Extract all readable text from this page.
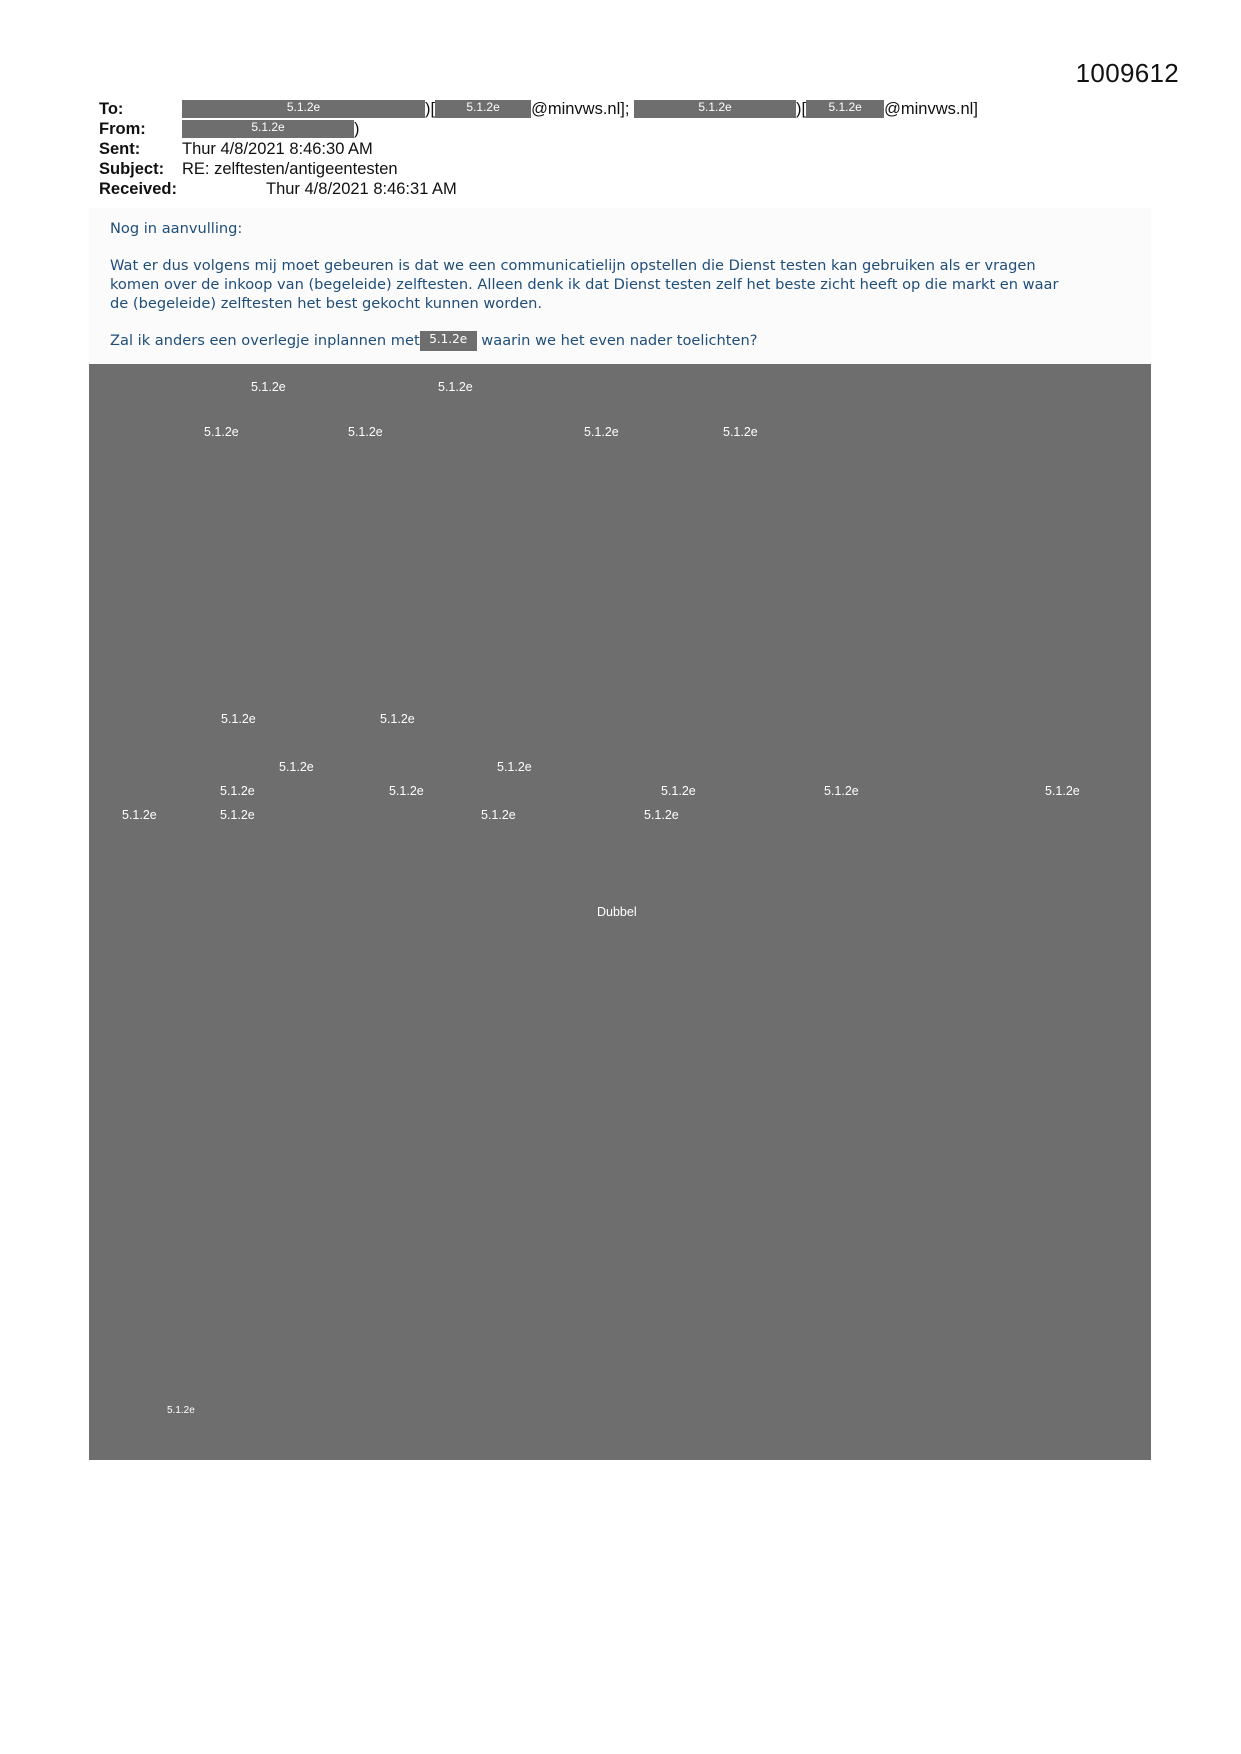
1009612
To:	5.1.2e	)[	5.1.2e @minvws.nl];	5.1.2e	)[ 5.1.2e @minvws.nl]
From:	5.1.2e	)
Sent:	Thur 4/8/2021 8:46:30 AM
Subject: RE: zelftesten/antigeentesten
Received:	Thur 4/8/2021 8:46:31 AM
Nog in aanvulling:
Wat er dus volgens mij moet gebeuren is dat we een communicatielijn opstellen die Dienst testen kan gebruiken als er vragen
komen over de inkoop van (begeleide) zelftesten. Alleen denk ik dat Dienst testen zelf het beste zicht heeft op die markt en waar
de (begeleide) zelftesten het best gekocht kunnen worden.
Zal ik anders een overlegje inplannen met 5.1.2e waarin we het even nader toelichten?
5.1.2e	5.1.2e
5.1.2e	5.1.2e	5.1.2e	5.1.2e
5.1.2e	5.1.2e
5.1.2e	5.1.2e
5.1.2e	5.1.2e	5.1.2e	5.1.2e	5.1.2e
5.1.2e	5.1.2e	5.1.2e	5.1.2e
Dubbel
5.1.2e
